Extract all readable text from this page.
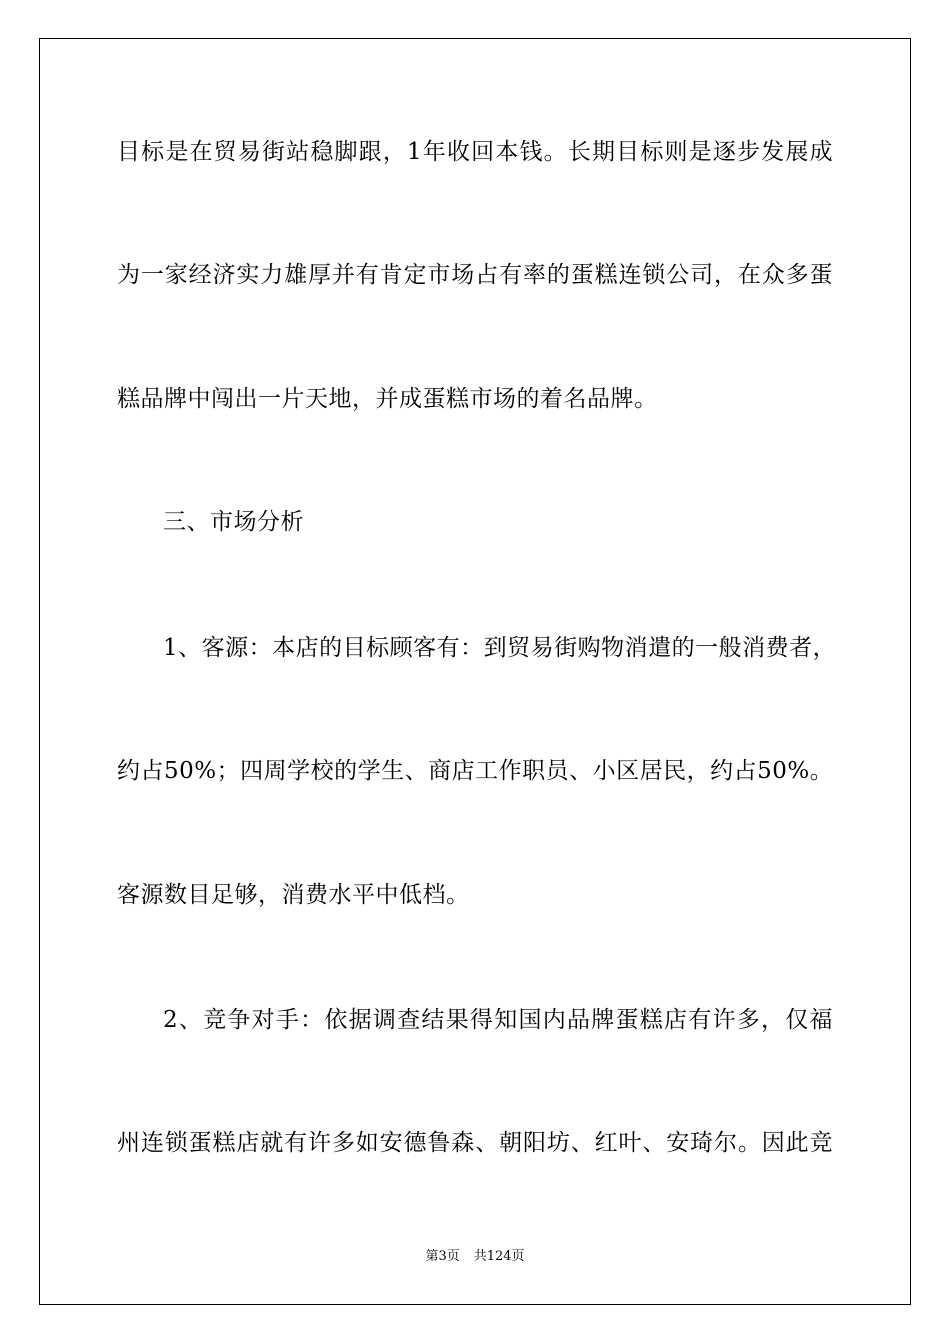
目标是在贸易街站稳脚跟，1年收回本钱。长期目标则是逐步发展成
为一家经济实力雄厚并有肯定市场占有率的蛋糕连锁公司，在众多蛋
糕品牌中闯出一片天地，并成蛋糕市场的着名品牌。
三、市场分析
1、客源：本店的目标顾客有：到贸易街购物消遣的一般消费者，
约占50%；四周学校的学生、商店工作职员、小区居民，约占50%。
客源数目足够，消费水平中低档。
2、竞争对手：依据调查结果得知国内品牌蛋糕店有许多，仅福
州连锁蛋糕店就有许多如安德鲁森、朝阳坊、红叶、安琦尔。因此竞
第3页 共124页
